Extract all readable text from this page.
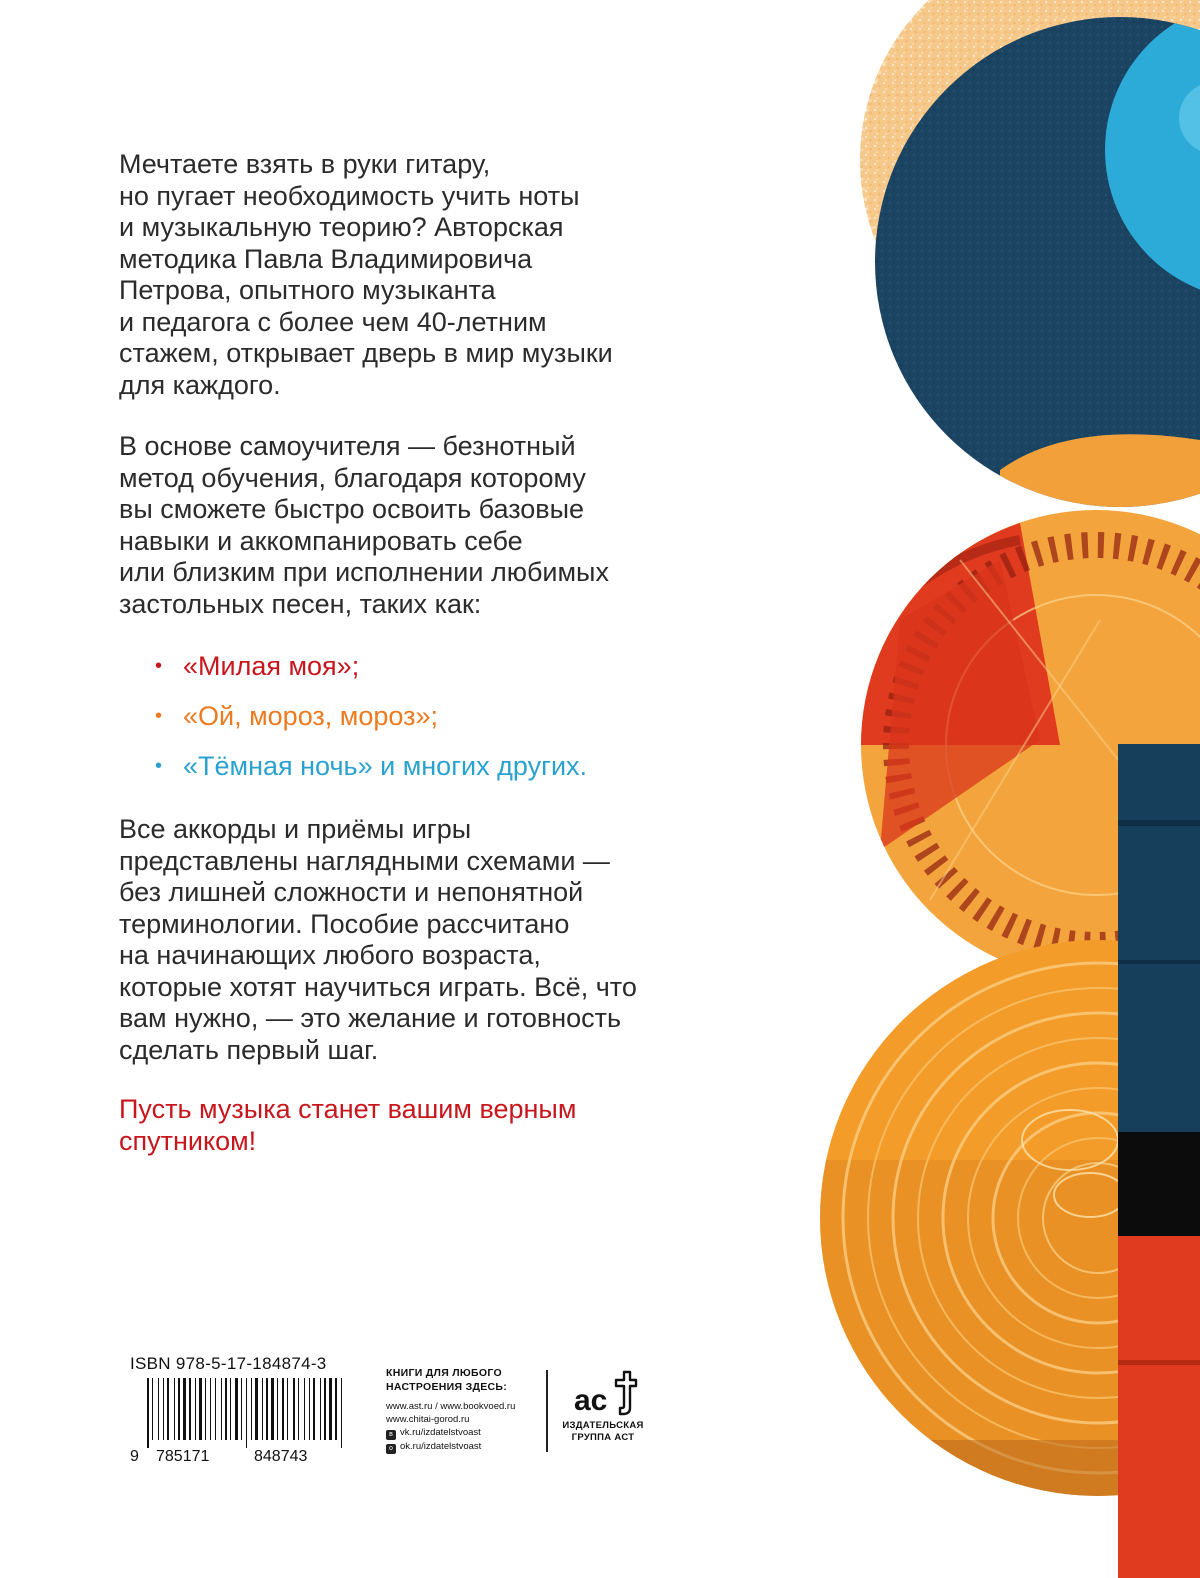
Мечтаете взять в руки гитару,

но пугает необходимость учить ноты

и музыкальную теорию? Авторская

методика Павла Владимировича

Петрова, опытного музыканта

и педагога с более чем 40-летним

стажем, открывает дверь в мир музыки

для каждого.

В основе самоучителя — безнотный

метод обучения, благодаря которому

вы сможете быстро освоить базовые

навыки и аккомпанировать себе

или близким при исполнении любимых

застольных песен, таких как:

• «Милая моя»;
• «Ой, мороз, мороз»;
• «Тёмная ночь» и многих других.

Все аккорды и приёмы игры

представлены наглядными схемами —

без лишней сложности и непонятной

терминологии. Пособие рассчитано

на начинающих любого возраста,

которые хотят научиться играть. Всё, что

вам нужно, — это желание и готовность

сделать первый шаг.

Пусть музыка станет вашим верным
спутником!
ISBN 978-5-17-184874-3
9 785171	848743
КНИГИ ДЛЯ ЛЮБОГО
НАСТРОЕНИЯ ЗДЕСЬ:
www.ast.ru / www.bookvoed.ru
www.chitai-gorod.ru
в vk.ru/izdatelstvoast
о ok.ru/izdatelstvoast
ac
ИЗДАТЕЛЬСКАЯ
ГРУППА АСТ
